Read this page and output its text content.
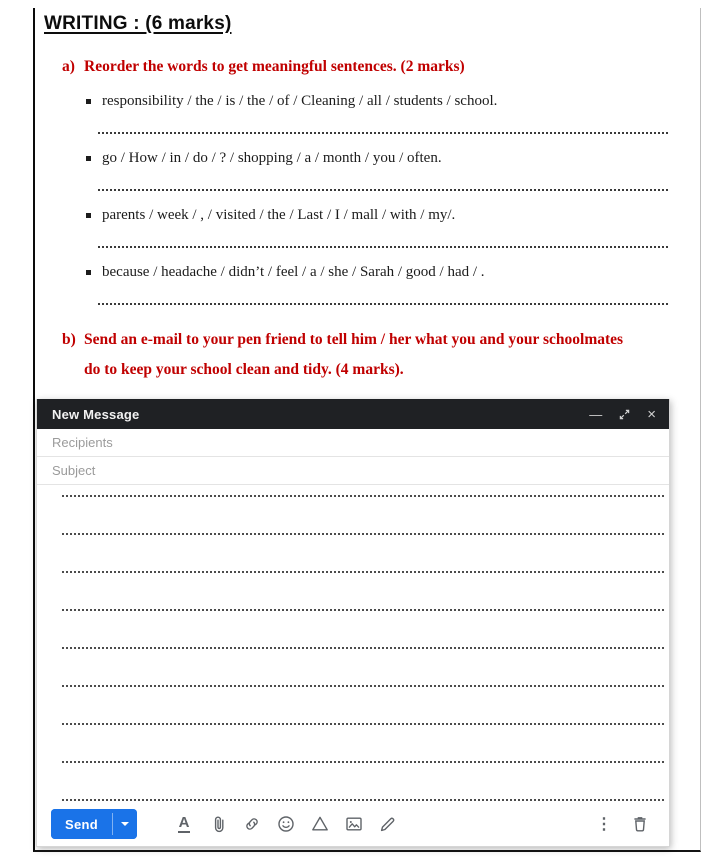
WRITING : (6 marks)
a) Reorder the words to get meaningful sentences. (2 marks)
responsibility / the / is / the / of / Cleaning / all / students / school.
go / How / in / do / ? / shopping / a / month / you / often.
parents / week / , / visited / the / Last / I / mall / with / my/.
because / headache / didn’t / feel / a / she / Sarah / good / had / .
b) Send an e-mail to your pen friend to tell him / her what you and your schoolmates
do to keep your school clean and tidy. (4 marks).
New Message	—	×
Recipients
Subject
Send	A	⋮
